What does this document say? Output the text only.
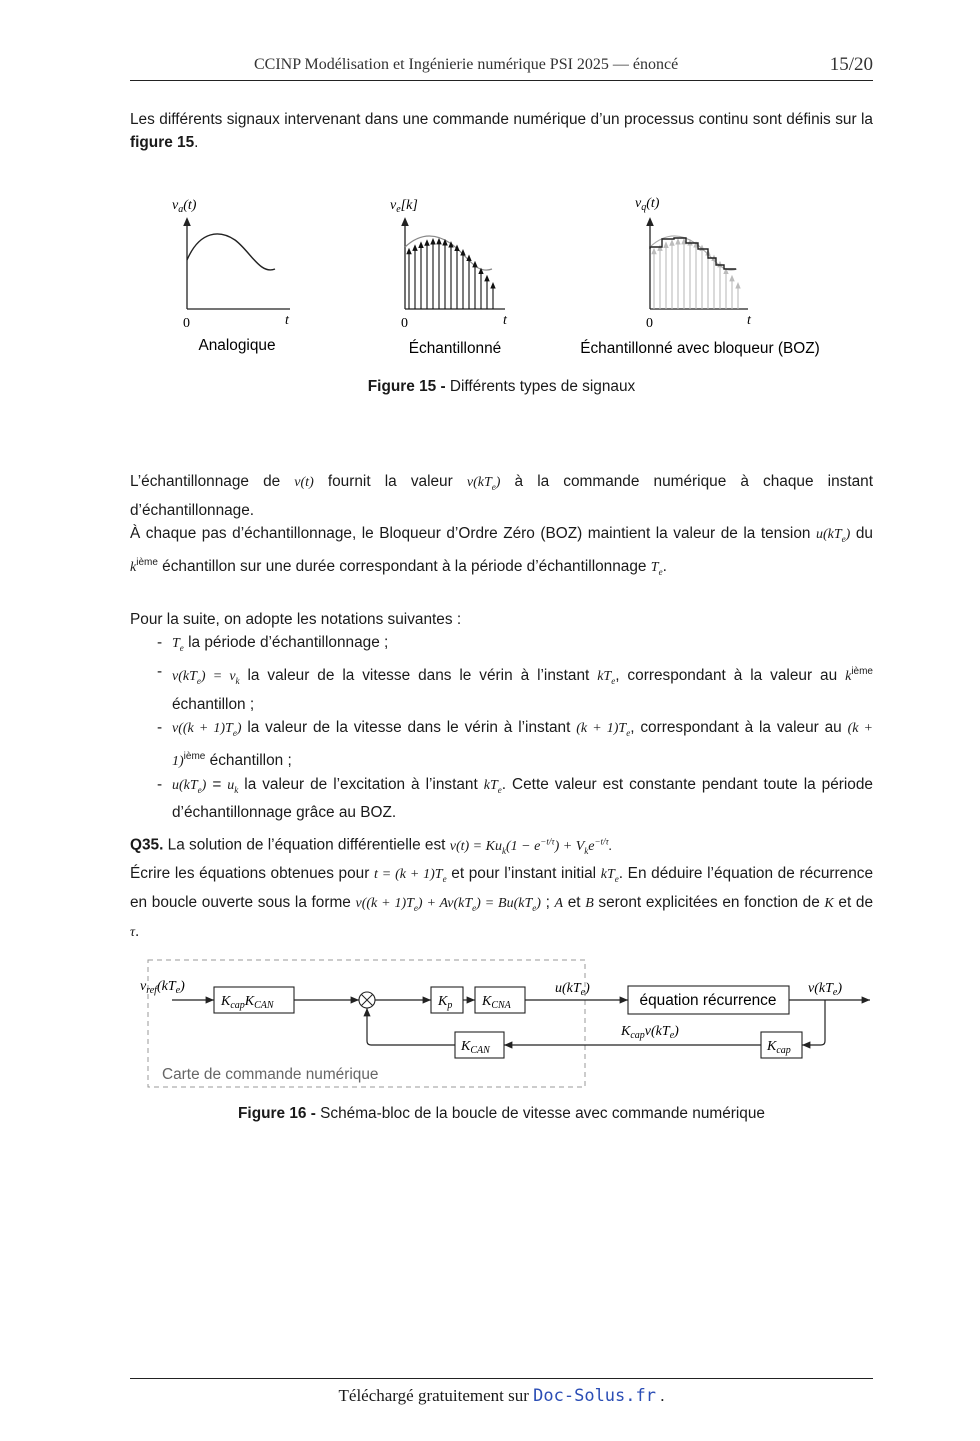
CCINP Modélisation et Ingénierie numérique PSI 2025 — énoncé	15/20
Les différents signaux intervenant dans une commande numérique d’un processus continu sont définis sur la figure 15.
$v_a(t)$
0	t
$v_e[k]$
0	t
$v_q(t)$
0	t
Analogique	Échantillonné	Échantillonné avec bloqueur (BOZ)
Figure 15 - Différents types de signaux
L’échantillonnage de v(t) fournit la valeur $v(kT_e)$ à la commande numérique à chaque instant d’échantillonnage.
À chaque pas d’échantillonnage, le Bloqueur d’Ordre Zéro (BOZ) maintient la valeur de la tension $u(kT_e)$ du $k^{ième}$ échantillon sur une durée correspondant à la période d’échantillonnage $T_e$.
Pour la suite, on adopte les notations suivantes :
- $T_e$ la période d’échantillonnage ;
- $v(kT_e) = v_k$ la valeur de la vitesse dans le vérin à l’instant $kT_e$, correspondant à la valeur au $k^{ième}$ échantillon ;
- $v((k + 1)T_e)$ la valeur de la vitesse dans le vérin à l’instant $(k + 1)T_e$, correspondant à la valeur au $(k + 1)^{ième}$ échantillon ;
- $u(kT_e) = u_k$ la valeur de l’excitation à l’instant $kT_e$. Cette valeur est constante pendant toute la période d’échantillonnage grâce au BOZ.
Q35. La solution de l’équation différentielle est $v(t) = Ku_k(1 - e^{-t/\tau}) + V_ke^{-t/\tau}$.
Écrire les équations obtenues pour $t = (k + 1)T_e$ et pour l’instant initial $kT_e$. En déduire l’équation de récurrence en boucle ouverte sous la forme $v((k + 1)T_e) + Av(kT_e) = Bu(kT_e)$ ; A et B seront explicitées en fonction de K et de τ.
Carte de commande numérique
$v_{ref}(kT_e)$
$K_{cap}K_{CAN}$	$K_p$ $K_{CNA}$
$u(kT_e)$
équation récurrence
$v(kT_e)$
$K_{cap}$
$K_{cap}v(kT_e)$
$K_{CAN}$
Figure 16 - Schéma-bloc de la boucle de vitesse avec commande numérique
Téléchargé gratuitement sur Doc-Solus.fr .
